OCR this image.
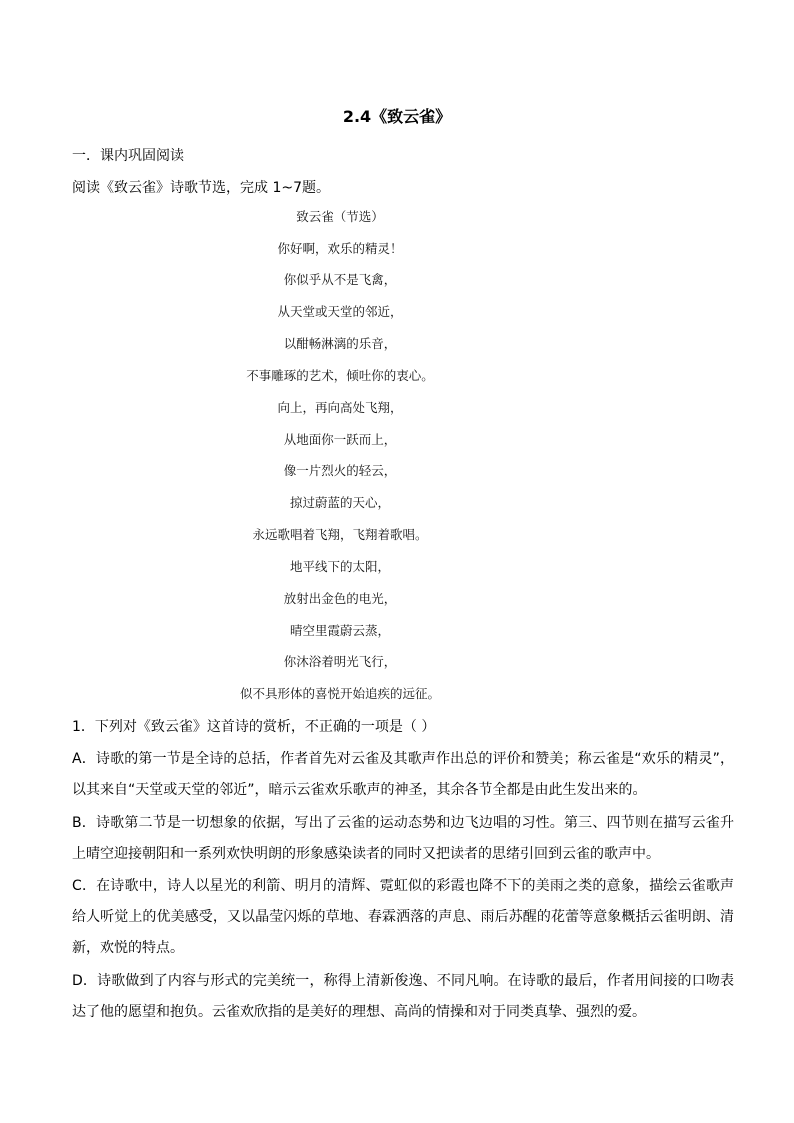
2.4《致云雀》
一．课内巩固阅读
阅读《致云雀》诗歌节选，完成 1~7题。
致云雀（节选）
你好啊，欢乐的精灵！
你似乎从不是飞禽，
从天堂或天堂的邻近，
以酣畅淋漓的乐音，
不事雕琢的艺术，倾吐你的衷心。
向上，再向高处飞翔，
从地面你一跃而上，
像一片烈火的轻云，
掠过蔚蓝的天心，
永远歌唱着飞翔，飞翔着歌唱。
地平线下的太阳，
放射出金色的电光，
晴空里霞蔚云蒸，
你沐浴着明光飞行，
似不具形体的喜悦开始追疾的远征。
1．下列对《致云雀》这首诗的赏析，不正确的一项是（ ）
A．诗歌的第一节是全诗的总括，作者首先对云雀及其歌声作出总的评价和赞美；称云雀是“欢乐的精灵”，以其来自“天堂或天堂的邻近”，暗示云雀欢乐歌声的神圣，其余各节全都是由此生发出来的。
B．诗歌第二节是一切想象的依据，写出了云雀的运动态势和边飞边唱的习性。第三、四节则在描写云雀升上晴空迎接朝阳和一系列欢快明朗的形象感染读者的同时又把读者的思绪引回到云雀的歌声中。
C．在诗歌中，诗人以星光的利箭、明月的清辉、霓虹似的彩霞也降不下的美雨之类的意象，描绘云雀歌声给人听觉上的优美感受，又以晶莹闪烁的草地、春霖洒落的声息、雨后苏醒的花蕾等意象概括云雀明朗、清新，欢悦的特点。
D．诗歌做到了内容与形式的完美统一，称得上清新俊逸、不同凡响。在诗歌的最后，作者用间接的口吻表达了他的愿望和抱负。云雀欢欣指的是美好的理想、高尚的情操和对于同类真挚、强烈的爱。
